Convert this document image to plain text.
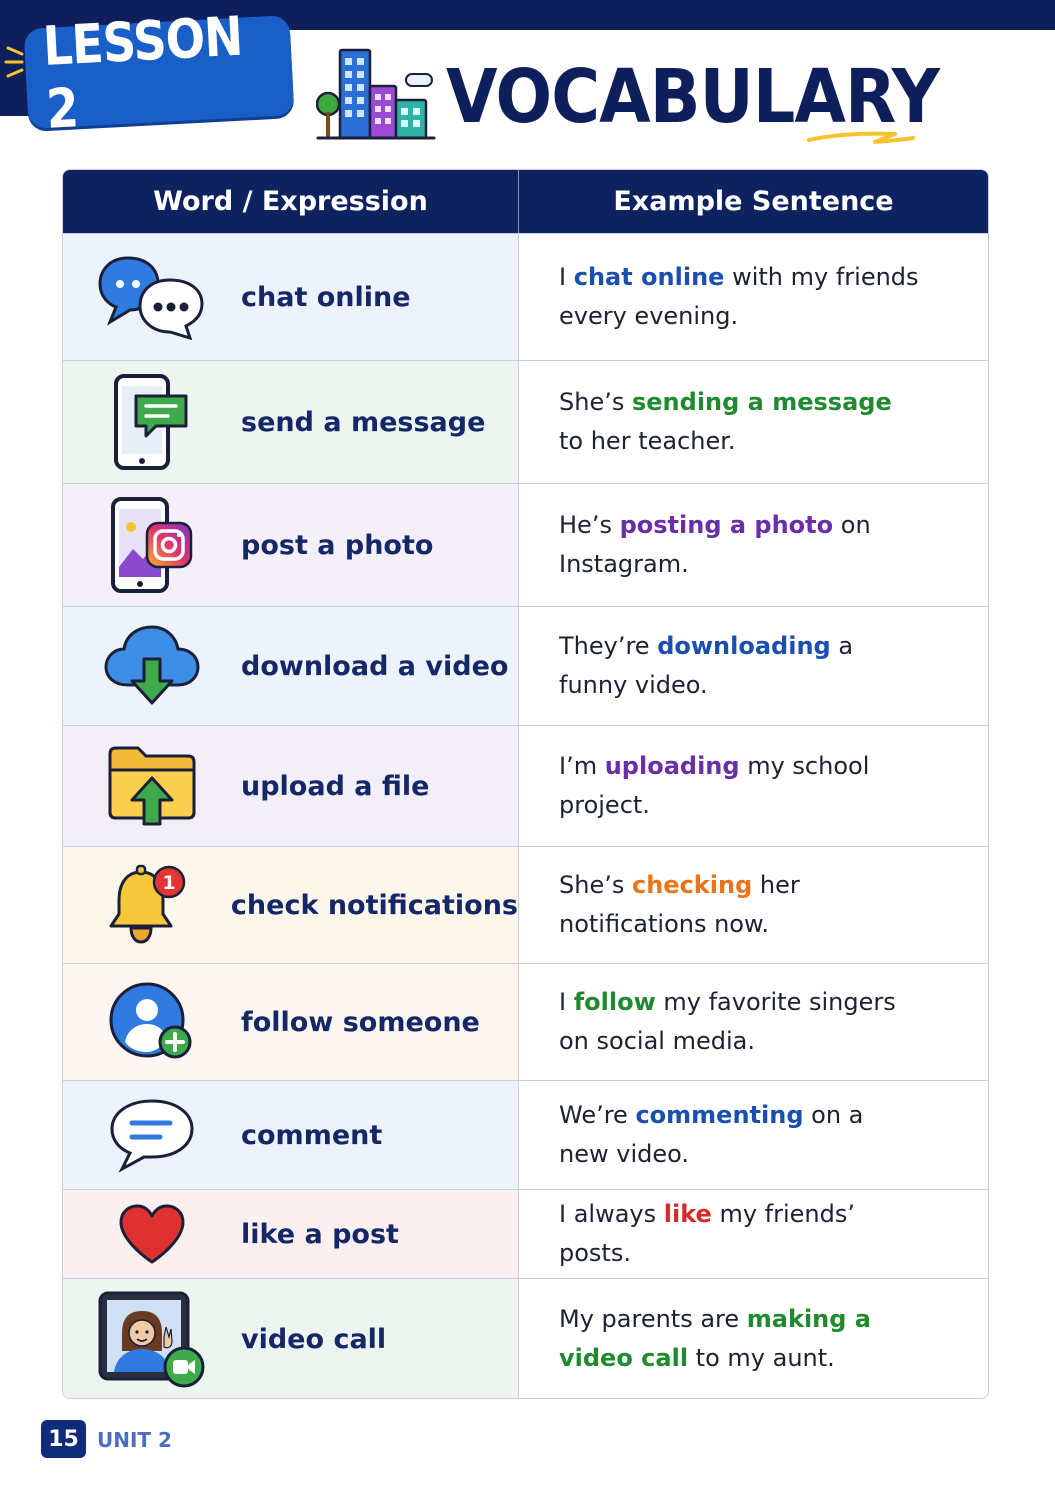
LESSON 2	VOCABULARY
Word / Expression	Example Sentence
chat online
I chat online with my friends every evening.
send a message
She’s sending a message to her teacher.
post a photo
He’s posting a photo on Instagram.
download a video
They’re downloading a funny video.
upload a file
I’m uploading my school project.
1
check notifications
She’s checking her notifications now.
follow someone
I follow my favorite singers on social media.
comment
We’re commenting on a new video.
like a post
I always like my friends’ posts.
video call
My parents are making a video call to my aunt.
15 UNIT 2
